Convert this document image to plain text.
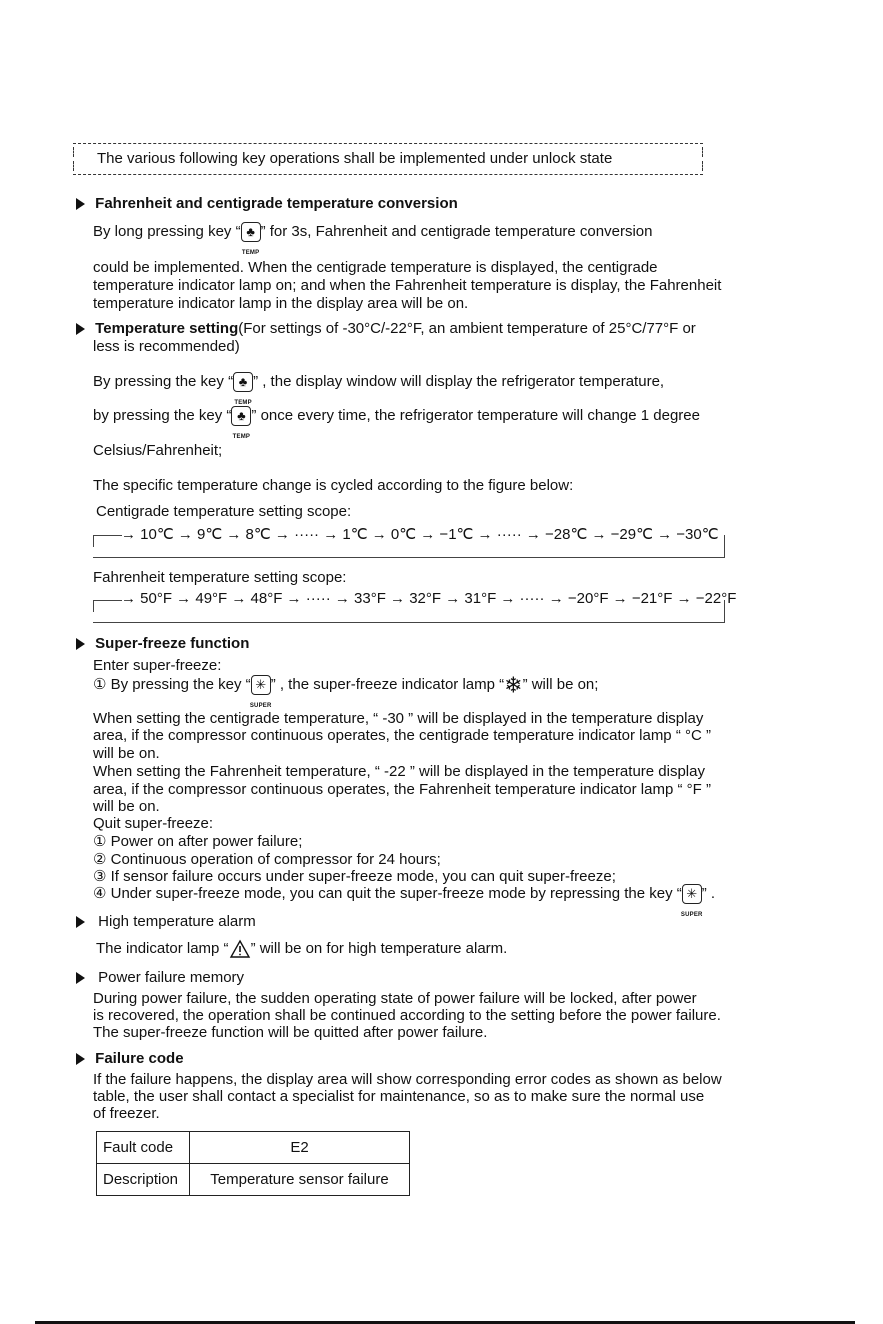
The various following key operations shall be implemented under unlock state
Fahrenheit and centigrade temperature conversion
By long pressing key “ ♣
TEMP
” for 3s, Fahrenheit and centigrade temperature conversion
could be implemented. When the centigrade temperature is displayed, the centigrade
temperature indicator lamp on; and when the Fahrenheit temperature is display, the Fahrenheit
temperature indicator lamp in the display area will be on.
Temperature setting(For settings of -30°C/-22°F, an ambient temperature of 25°C/77°F or
less is recommended)
By pressing the key “ ♣
TEMP
” , the display window will display the refrigerator temperature,
by pressing the key “ ♣
TEMP
” once every time, the refrigerator temperature will change 1 degree
Celsius/Fahrenheit;
The specific temperature change is cycled according to the figure below:
Centigrade temperature setting scope:
→ 10℃ → 9℃ → 8℃ → ····· → 1℃ → 0℃ → −1℃ → ····· → −28℃ → −29℃ → −30℃
Fahrenheit temperature setting scope:
→ 50°F → 49°F → 48°F → ····· → 33°F → 32°F → 31°F → ····· → −20°F → −21°F → −22°F
Super-freeze function
Enter super-freeze:
① By pressing the key “ ✳
SUPER
” , the super-freeze indicator lamp “❄” will be on;
When setting the centigrade temperature, “ -30 ” will be displayed in the temperature display
area, if the compressor continuous operates, the centigrade temperature indicator lamp “ °C ”
will be on.
When setting the Fahrenheit temperature, “ -22 ” will be displayed in the temperature display
area, if the compressor continuous operates, the Fahrenheit temperature indicator lamp “ °F ”
will be on.
Quit super-freeze:
① Power on after power failure;
② Continuous operation of compressor for 24 hours;
③ If sensor failure occurs under super-freeze mode, you can quit super-freeze;
④ Under super-freeze mode, you can quit the super-freeze mode by repressing the key “ ✳
SUPER
” .
High temperature alarm
The indicator lamp “ ” will be on for high temperature alarm.
Power failure memory
During power failure, the sudden operating state of power failure will be locked, after power
is recovered, the operation shall be continued according to the setting before the power failure.
The super-freeze function will be quitted after power failure.
Failure code
If the failure happens, the display area will show corresponding error codes as shown as below
table, the user shall contact a specialist for maintenance, so as to make sure the normal use
of freezer.
Fault code	E2
Description	Temperature sensor failure
